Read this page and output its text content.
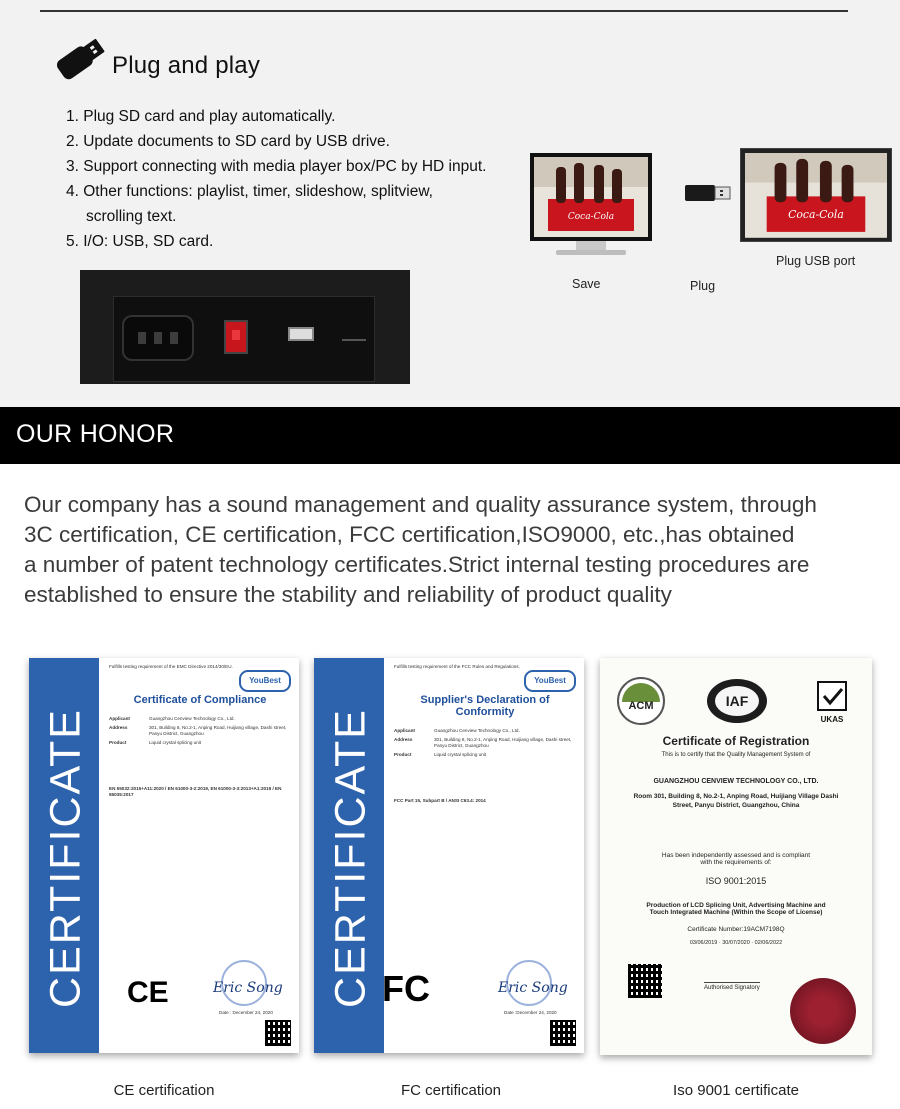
Plug and play
1. Plug SD card and play automatically.
2. Update documents to SD card by USB drive.
3. Support connecting with media player box/PC by HD input.
4. Other functions: playlist, timer, slideshow, splitview,
scrolling text.
5. I/O: USB, SD card.
Coca-Cola	Coca-Cola
Save	Plug
Plug USB port
OUR HONOR

Our company has a sound management and quality assurance system, through
3C certification, CE certification, FCC certification,ISO9000, etc.,has obtained
a number of patent technology certificates.Strict internal testing procedures are
established to ensure the stability and reliability of product quality

CERTIFICATE
YouBest
Fulfills testing requirement of the EMC Directive 2014/30/EU.
Certificate of Compliance
Applicant	Guangzhou Cenview Technology Co., Ltd.
Address	301, Building 8, No.2-1, Anping Road, Huijiang village, Dashi street, Panyu District, Guangzhou
Product	Liquid crystal splicing unit
EN 55032:2015+A11:2020 / EN 61000-3-2:2019, EN 61000-3-3:2013+A1:2019 / EN 55035:2017
CE	Eric Song
Date : December 24, 2020
CERTIFICATE
YouBest
Fulfills testing requirement of the FCC Rules and Regulations.
Supplier's Declaration of Conformity
Applicant	Guangzhou Cenview Technology Co., Ltd.
Address	301, Building 8, No.2-1, Anping Road, Huijiang village, Dashi street, Panyu District, Guangzhou
Product	Liquid crystal splicing unit
FCC Part 15, Subpart B / ANSI C63.4: 2014
FC	Eric Song
Date :December 24, 2020
ACM	IAF
UKAS
Certificate of Registration
This is to certify that the Quality Management System of
GUANGZHOU CENVIEW TECHNOLOGY CO., LTD.
Room 301, Building 8, No.2-1, Anping Road, Huijiang Village Dashi Street, Panyu District, Guangzhou, China
Has been independently assessed and is compliant with the requirements of:
ISO 9001:2015
Production of LCD Splicing Unit, Advertising Machine and Touch Integrated Machine (Within the Scope of License)
Certificate Number:19ACM7198Q
03/06/2019 · 30/07/2020 · 02/06/2022
Authorised Signatory
CE certification	FC certification	Iso 9001 certificate
